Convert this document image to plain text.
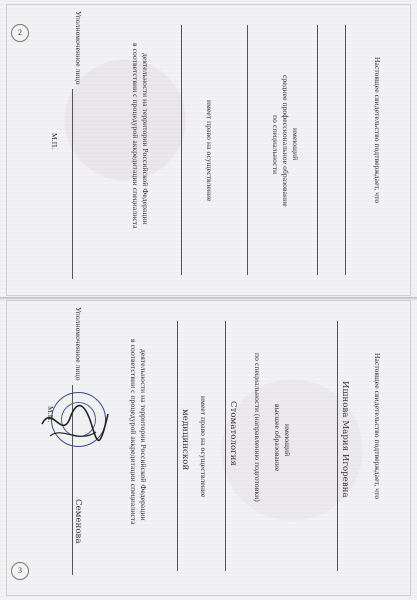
2
3
Настоящее свидетельство подтверждает, что
имеющий
среднее профессиональное образование
по специальности
имеет право на осуществление
деятельности на территории Российской Федерации
в соответствии с процедурой аккредитации специалиста
Уполномоченное лицо
М.П.
Настоящее свидетельство подтверждает, что
Ишнова Мария Игоревна
имеющий
высшее образование
по специальности (направлению подготовки)
Стоматология
имеет право на осуществление
медицинской
деятельности на территории Российской Федерации
в соответствии с процедурой аккредитации специалиста
Уполномоченное лицо
М.П.
Семенова
